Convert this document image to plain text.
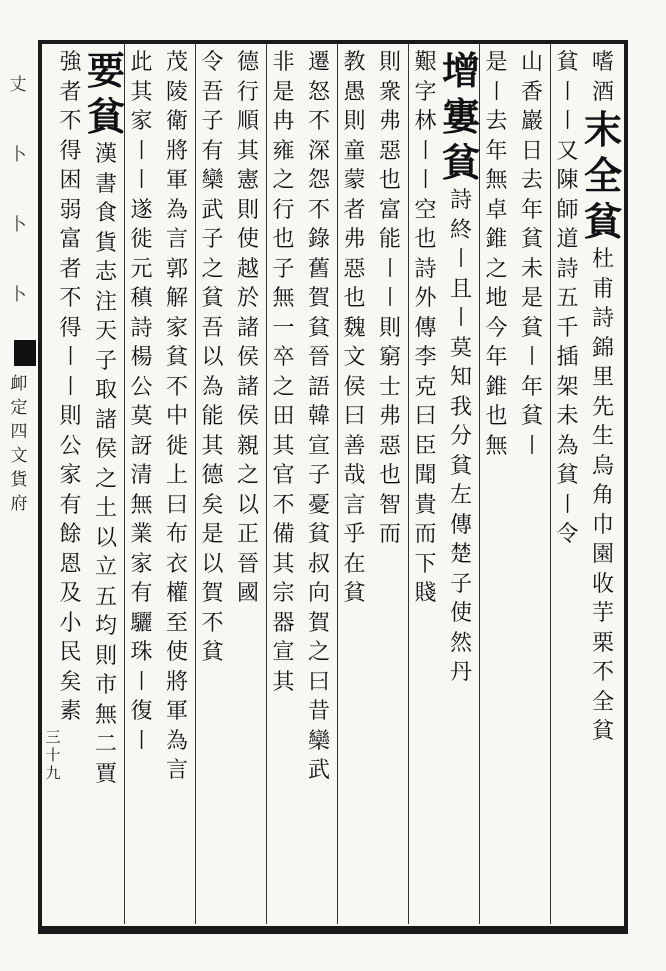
丈
卜
卜
卜
卹
定
四
文
貨
府
三
十
九
嗜
酒
末
全
貧
杜
甫
詩
錦
里
先
生
烏
角
巾
園
收
芋
栗
不
全
貧
貧
〡
〡
又
陳
師
道
詩
五
千
插
架
未
為
貧
〡
令
山
香
巖
日
去
年
貧
未
是
貧
〡
年
貧
〡
是
〡
去
年
無
卓
錐
之
地
今
年
錐
也
無
增
寠
貧
詩
終
〡
且
〡
莫
知
我
分
貧
左
傳
楚
子
使
然
丹
艱
字
林
〡
〡
空
也
詩
外
傳
李
克
曰
臣
聞
貴
而
下
賤
則
衆
弗
惡
也
富
能
〡
〡
則
窮
士
弗
惡
也
智
而
教
愚
則
童
蒙
者
弗
惡
也
魏
文
侯
曰
善
哉
言
乎
在
貧
遷
怒
不
深
怨
不
錄
舊
賀
貧
晉
語
韓
宣
子
憂
貧
叔
向
賀
之
曰
昔
欒
武
非
是
冉
雍
之
行
也
子
無
一
卒
之
田
其
官
不
備
其
宗
器
宣
其
德
行
順
其
憲
則
使
越
於
諸
侯
諸
侯
親
之
以
正
晉
國
令
吾
子
有
欒
武
子
之
貧
吾
以
為
能
其
德
矣
是
以
賀
不
貧
茂
陵
衛
將
軍
為
言
郭
解
家
貧
不
中
徙
上
曰
布
衣
權
至
使
將
軍
為
言
此
其
家
〡
〡
遂
徙
元
稹
詩
楊
公
莫
訝
清
無
業
家
有
驪
珠
〡
復
〡
要
貧
漢
書
食
貨
志
注
天
子
取
諸
侯
之
土
以
立
五
均
則
市
無
二
賈
強
者
不
得
困
弱
富
者
不
得
〡
〡
則
公
家
有
餘
恩
及
小
民
矣
素
